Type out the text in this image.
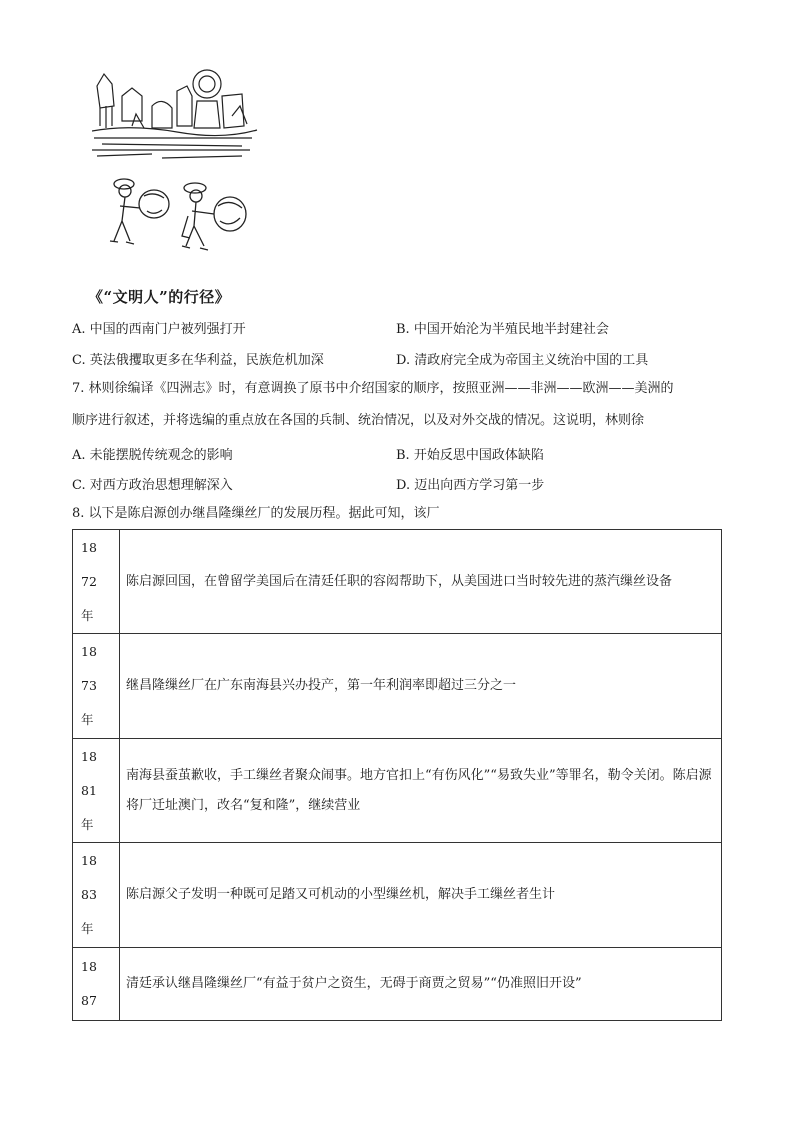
《“文明人”的行径》
A. 中国的西南门户被列强打开	B. 中国开始沦为半殖民地半封建社会
C. 英法俄攫取更多在华利益，民族危机加深	D. 清政府完全成为帝国主义统治中国的工具
7. 林则徐编译《四洲志》时，有意调换了原书中介绍国家的顺序，按照亚洲——非洲——欧洲——美洲的
顺序进行叙述，并将选编的重点放在各国的兵制、统治情况，以及对外交战的情况。这说明，林则徐
A. 未能摆脱传统观念的影响	B. 开始反思中国政体缺陷
C. 对西方政治思想理解深入	D. 迈出向西方学习第一步
8. 以下是陈启源创办继昌隆缫丝厂的发展历程。据此可知，该厂
1872年	陈启源回国，在曾留学美国后在清廷任职的容闳帮助下，从美国进口当时较先进的蒸汽缫丝设备

1873年	继昌隆缫丝厂在广东南海县兴办投产，第一年利润率即超过三分之一

1881年	南海县蚕茧歉收，手工缫丝者聚众闹事。地方官扣上“有伤风化”“易致失业”等罪名，勒令关闭。陈启源将厂迁址澳门，改名“复和隆”，继续营业

1883年	陈启源父子发明一种既可足踏又可机动的小型缫丝机，解决手工缫丝者生计

1887	清廷承认继昌隆缫丝厂“有益于贫户之资生，无碍于商贾之贸易”“仍准照旧开设”
